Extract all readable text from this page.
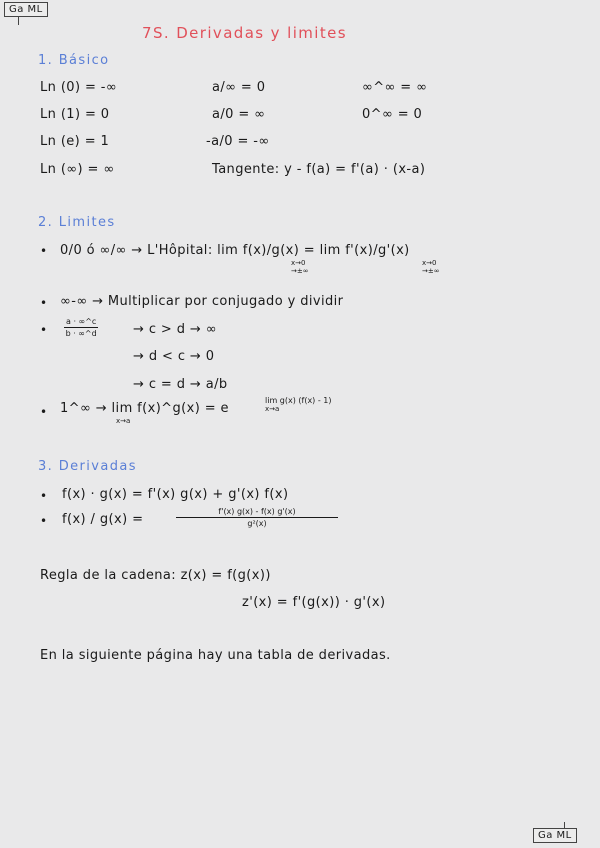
Ga ML
Ga ML
7S. Derivadas y limites
1. Básico
Ln (0) = -∞	a/∞ = 0	∞^∞ = ∞
Ln (1) = 0	a/0 = ∞	0^∞ = 0
Ln (e) = 1	-a/0 = -∞
Ln (∞) = ∞	Tangente: y - f(a) = f'(a) · (x-a)
2. Limites
• 0/0 ó ∞/∞ → L'Hôpital: lim f(x)/g(x) = lim f'(x)/g'(x)
x→0
→±∞
x→0
→±∞
• ∞-∞ → Multiplicar por conjugado y dividir
• $\frac{a \cdot \infty\^{}c}{b \cdot \infty\^{}d}$	→ c > d → ∞
→ d < c → 0
→ c = d → a/b
• 1^∞ → lim f(x)^g(x) = e
x→a
lim g(x) (f(x) - 1)
x→a
3. Derivadas
• f(x) · g(x) = f'(x) g(x) + g'(x) f(x)
• f(x) / g(x) =	$\frac{f'(x) g(x) - f(x) g'(x)}{\text{g²(x)}}$
Regla de la cadena: z(x) = f(g(x))
z'(x) = f'(g(x)) · g'(x)
En la siguiente página hay una tabla de derivadas.
